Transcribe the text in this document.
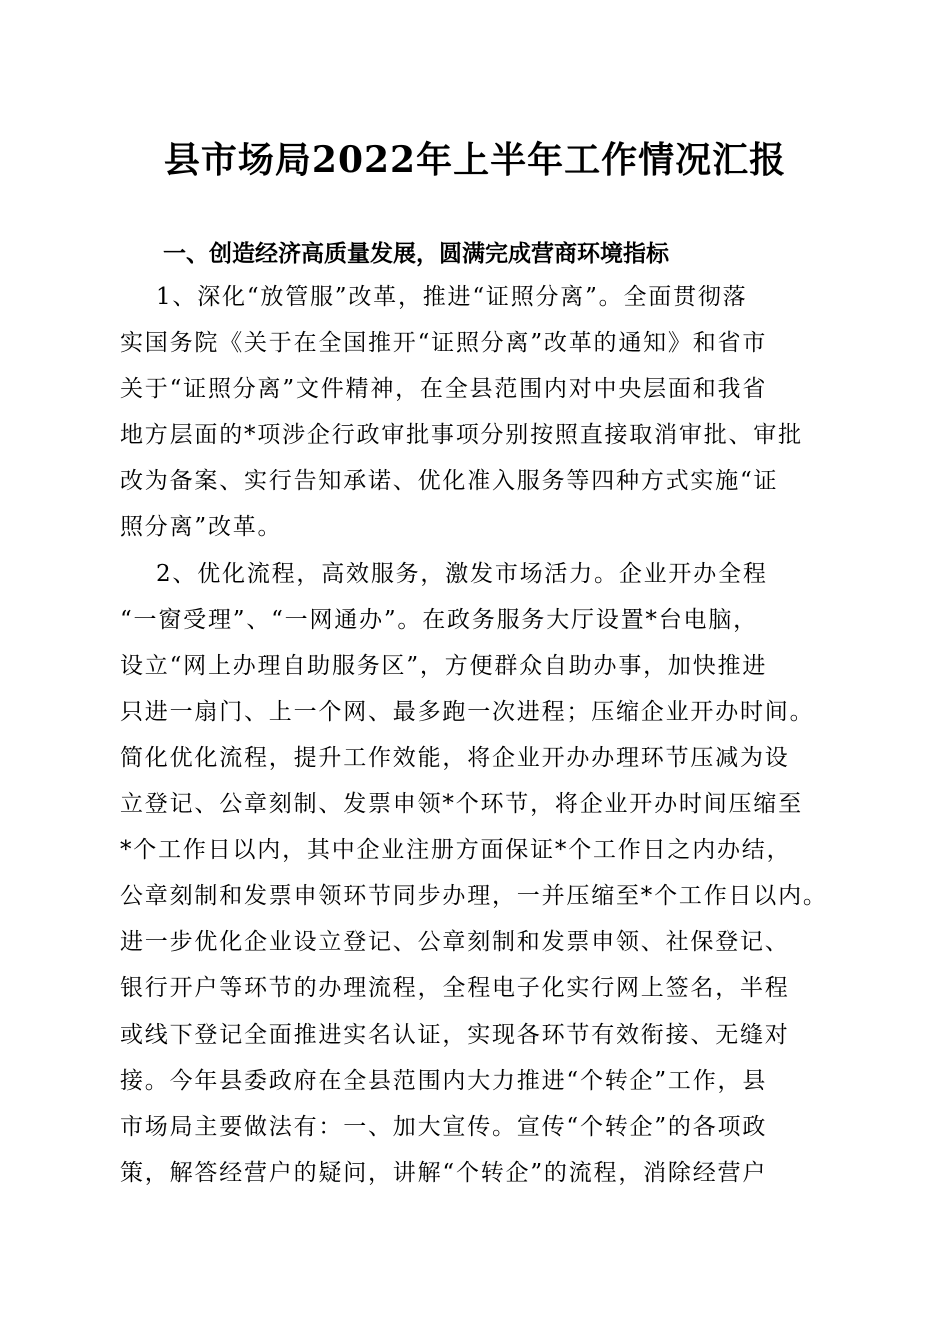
县市场局2022年上半年工作情况汇报
一、创造经济高质量发展，圆满完成营商环境指标
1、深化“放管服”改革，推进“证照分离”。全面贯彻落
实国务院《关于在全国推开“证照分离”改革的通知》和省市
关于“证照分离”文件精神，在全县范围内对中央层面和我省
地方层面的*项涉企行政审批事项分别按照直接取消审批、审批
改为备案、实行告知承诺、优化准入服务等四种方式实施“证
照分离”改革。
2、优化流程，高效服务，激发市场活力。企业开办全程
“一窗受理”、“一网通办”。在政务服务大厅设置*台电脑，
设立“网上办理自助服务区”，方便群众自助办事，加快推进
只进一扇门、上一个网、最多跑一次进程；压缩企业开办时间。
简化优化流程，提升工作效能，将企业开办办理环节压减为设
立登记、公章刻制、发票申领*个环节，将企业开办时间压缩至
*个工作日以内，其中企业注册方面保证*个工作日之内办结，
公章刻制和发票申领环节同步办理，一并压缩至*个工作日以内。
进一步优化企业设立登记、公章刻制和发票申领、社保登记、
银行开户等环节的办理流程，全程电子化实行网上签名，半程
或线下登记全面推进实名认证，实现各环节有效衔接、无缝对
接。今年县委政府在全县范围内大力推进“个转企”工作，县
市场局主要做法有：一、加大宣传。宣传“个转企”的各项政
策，解答经营户的疑问，讲解“个转企”的流程，消除经营户
